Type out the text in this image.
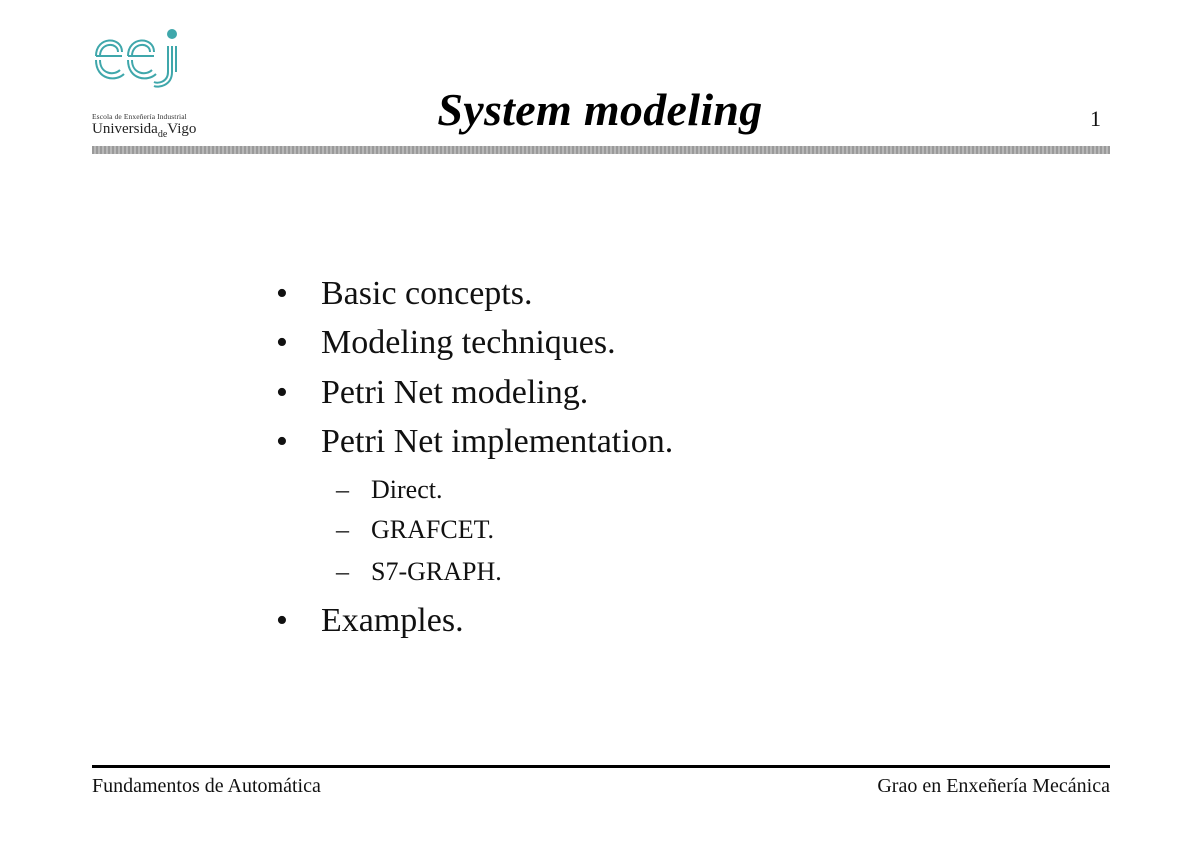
Escola de Enxeñería Industrial
Universida$_{de}$Vigo	System modeling	1
• Basic concepts.
• Modeling techniques.
• Petri Net modeling.
• Petri Net implementation.
– Direct.
– GRAFCET.
– S7-GRAPH.
• Examples.
Fundamentos de Automática	Grao en Enxeñería Mecánica
